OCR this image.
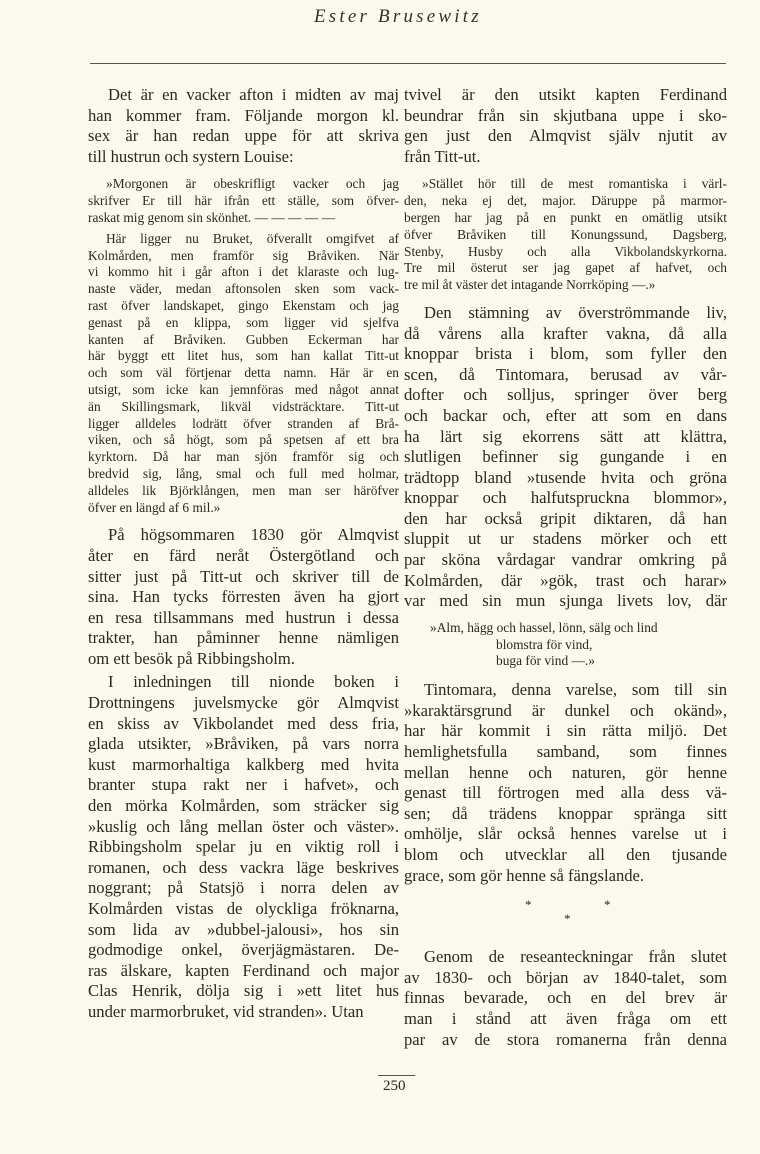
Ester Brusewitz
Det är en vacker afton i midten av maj
han kommer fram. Följande morgon kl.
sex är han redan uppe för att skriva
till hustrun och systern Louise:
»Morgonen är obeskrifligt vacker och jag
skrifver Er till här ifrån ett ställe, som öfver-
raskat mig genom sin skönhet. — — — — —
Här ligger nu Bruket, öfverallt omgifvet af
Kolmården, men framför sig Bråviken. När
vi kommo hit i går afton i det klaraste och lug-
naste väder, medan aftonsolen sken som vack-
rast öfver landskapet, gingo Ekenstam och jag
genast på en klippa, som ligger vid sjelfva
kanten af Bråviken. Gubben Eckerman har
här byggt ett litet hus, som han kallat Titt-ut
och som väl förtjenar detta namn. Här är en
utsigt, som icke kan jemnföras med något annat
än Skillingsmark, likväl vidsträcktare. Titt-ut
ligger alldeles lodrätt öfver stranden af Brå-
viken, och så högt, som på spetsen af ett bra
kyrktorn. Då har man sjön framför sig och
bredvid sig, lång, smal och full med holmar,
alldeles lik Björklången, men man ser häröfver
öfver en längd af 6 mil.»
På högsommaren 1830 gör Almqvist
åter en färd neråt Östergötland och
sitter just på Titt-ut och skriver till de
sina. Han tycks förresten även ha gjort
en resa tillsammans med hustrun i dessa
trakter, han påminner henne nämligen
om ett besök på Ribbingsholm.
I inledningen till nionde boken i
Drottningens juvelsmycke gör Almqvist
en skiss av Vikbolandet med dess fria,
glada utsikter, »Bråviken, på vars norra
kust marmorhaltiga kalkberg med hvita
branter stupa rakt ner i hafvet», och
den mörka Kolmården, som sträcker sig
»kuslig och lång mellan öster och väster».
Ribbingsholm spelar ju en viktig roll i
romanen, och dess vackra läge beskrives
noggrant; på Statsjö i norra delen av
Kolmården vistas de olyckliga fröknarna,
som lida av »dubbel-jalousi», hos sin
godmodige onkel, överjägmästaren. De-
ras älskare, kapten Ferdinand och major
Clas Henrik, dölja sig i »ett litet hus
under marmorbruket, vid stranden». Utan
tvivel är den utsikt kapten Ferdinand
beundrar från sin skjutbana uppe i sko-
gen just den Almqvist själv njutit av
från Titt-ut.
»Stället hör till de mest romantiska i värl-
den, neka ej det, major. Däruppe på marmor-
bergen har jag på en punkt en omätlig utsikt
öfver Bråviken till Konungssund, Dagsberg,
Stenby, Husby och alla Vikbolandskyrkorna.
Tre mil österut ser jag gapet af hafvet, och
tre mil åt väster det intagande Norrköping —.»
Den stämning av överströmmande liv,
då vårens alla krafter vakna, då alla
knoppar brista i blom, som fyller den
scen, då Tintomara, berusad av vår-
dofter och solljus, springer över berg
och backar och, efter att som en dans
ha lärt sig ekorrens sätt att klättra,
slutligen befinner sig gungande i en
trädtopp bland »tusende hvita och gröna
knoppar och halfutspruckna blommor»,
den har också gripit diktaren, då han
sluppit ut ur stadens mörker och ett
par sköna vårdagar vandrar omkring på
Kolmården, där »gök, trast och harar»
var med sin mun sjunga livets lov, där
»Alm, hägg och hassel, lönn, sälg och lind
blomstra för vind,
buga för vind —.»
Tintomara, denna varelse, som till sin
»karaktärsgrund är dunkel och okänd»,
har här kommit i sin rätta miljö. Det
hemlighetsfulla samband, som finnes
mellan henne och naturen, gör henne
genast till förtrogen med alla dess vä-
sen; då trädens knoppar spränga sitt
omhölje, slår också hennes varelse ut i
blom och utvecklar all den tjusande
grace, som gör henne så fängslande.
*	*
*
Genom de reseanteckningar från slutet
av 1830- och början av 1840-talet, som
finnas bevarade, och en del brev är
man i stånd att även fråga om ett
par av de stora romanerna från denna
250
